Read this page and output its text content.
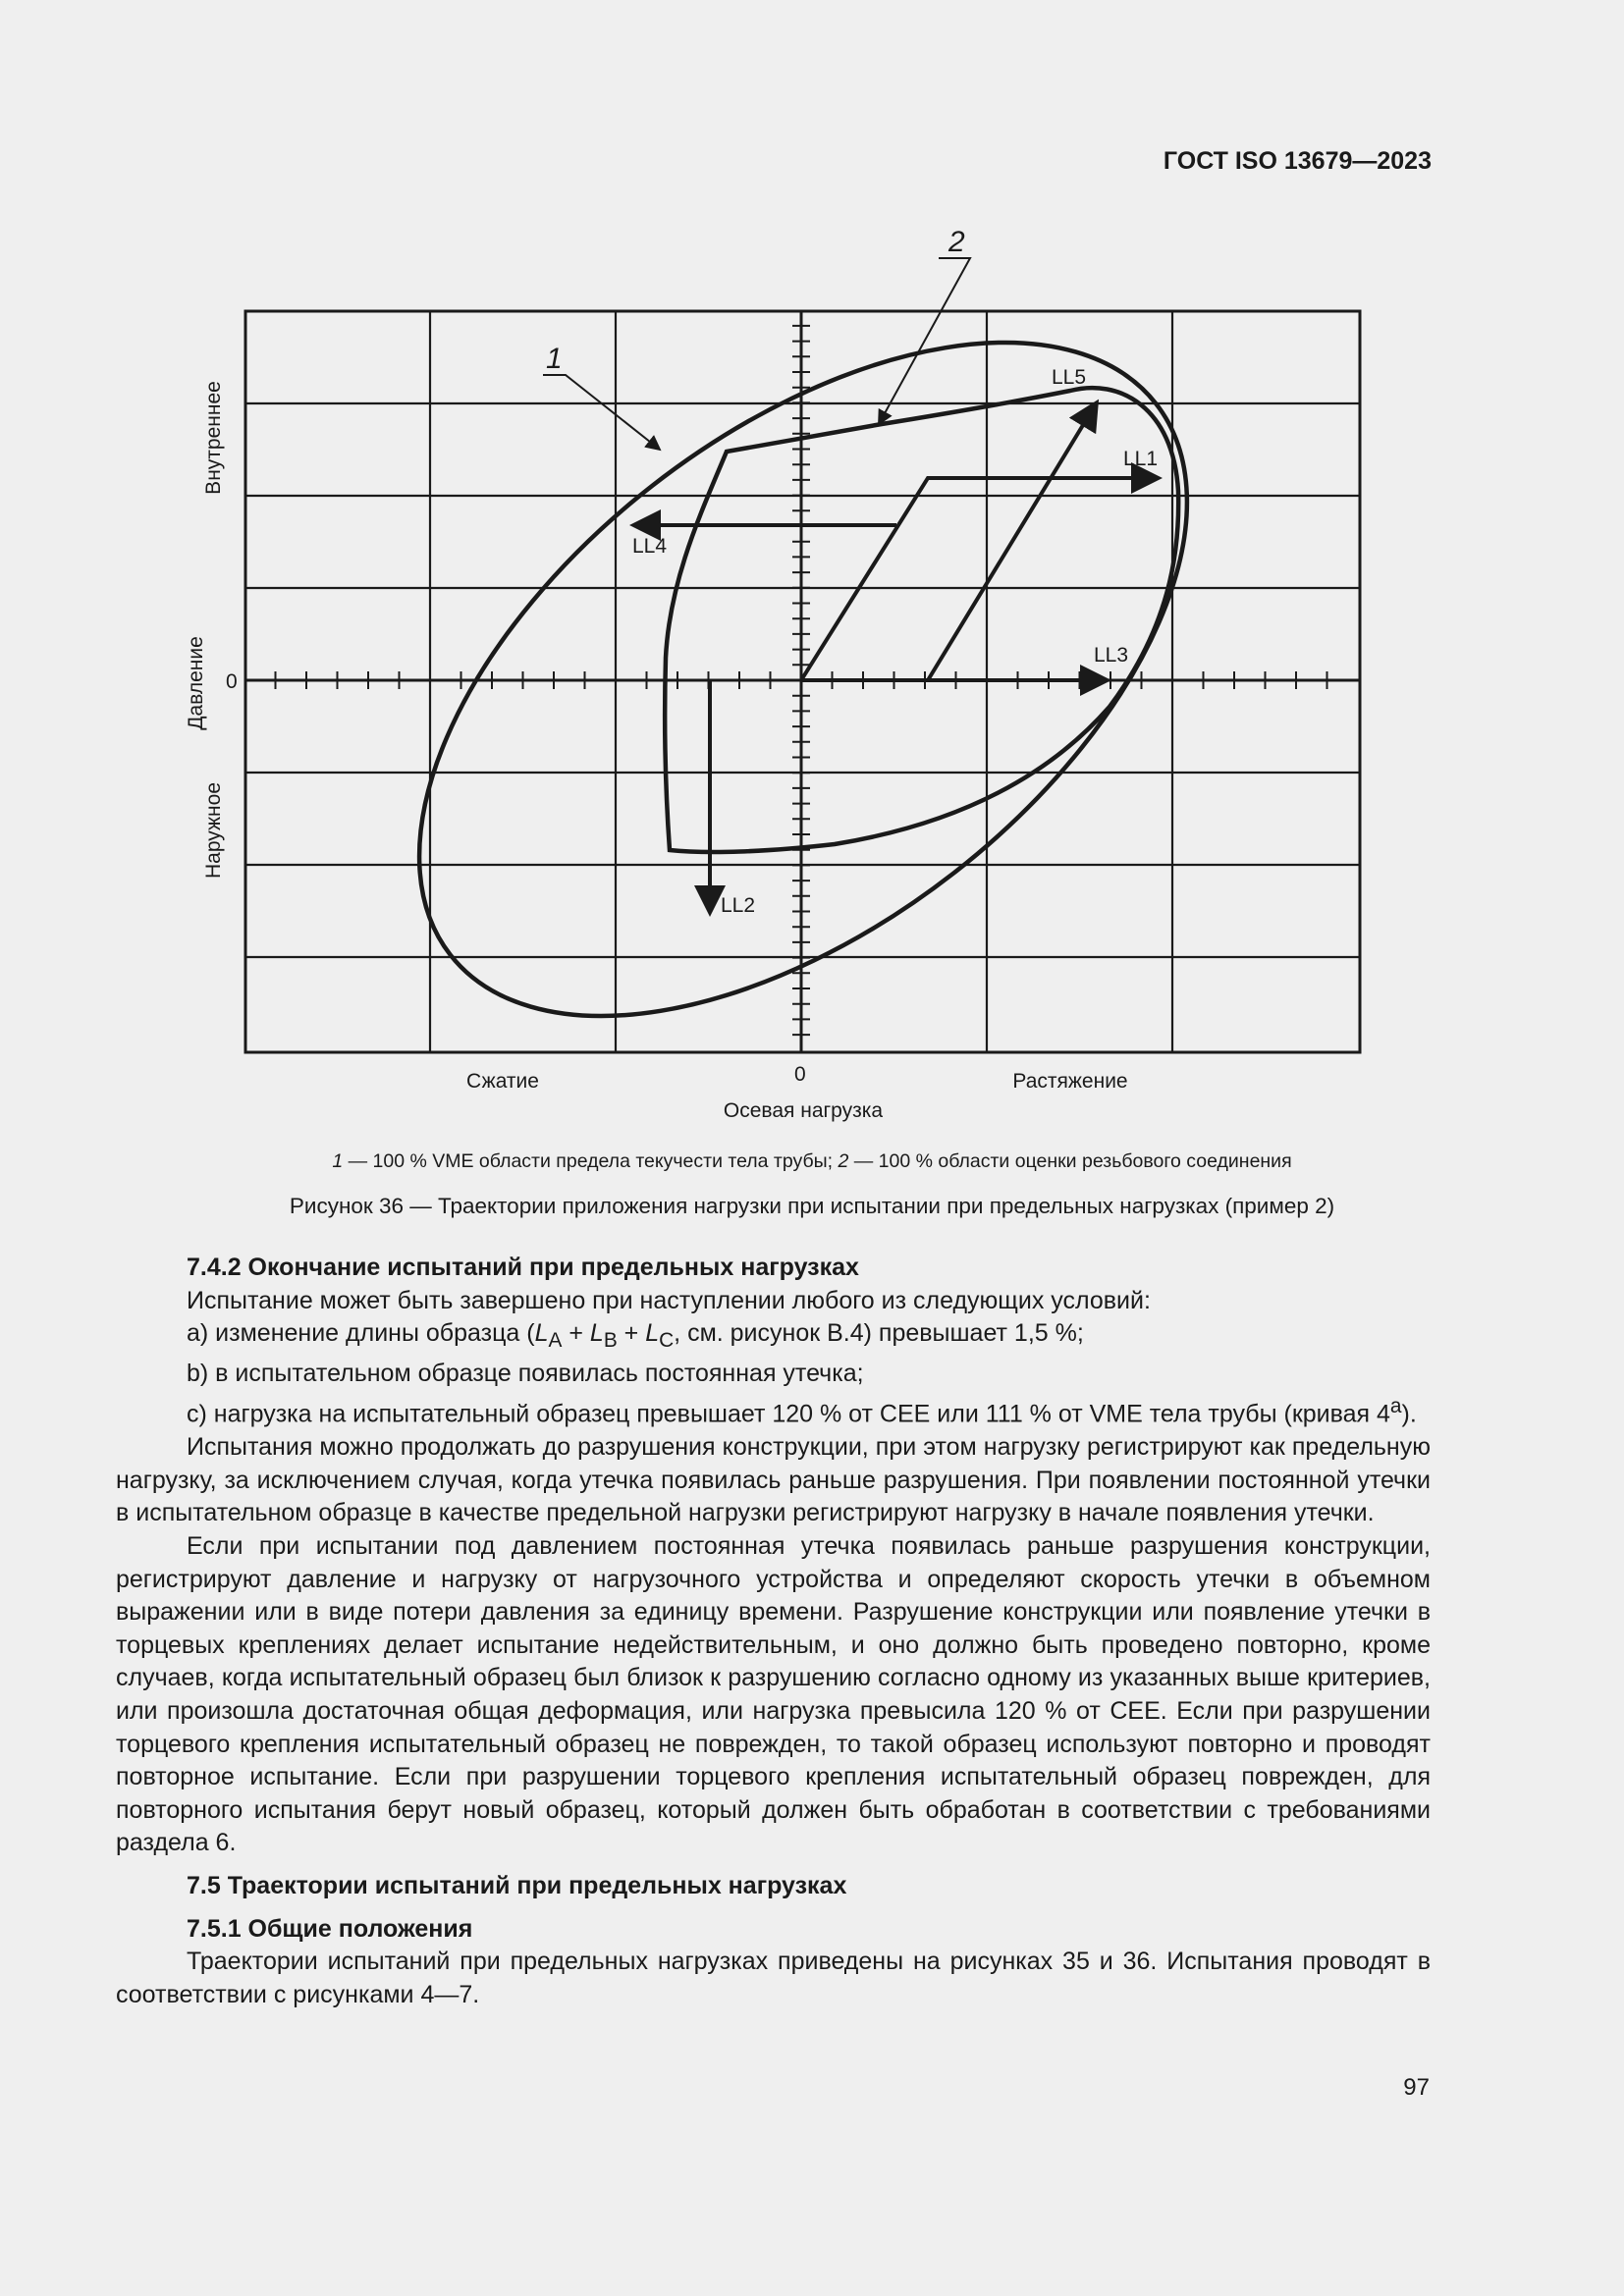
ГОСТ ISO 13679—2023
1
2
LL5
LL1
LL4
LL3
LL2
0
0
Сжатие	Растяжение
Осевая нагрузка
Внутреннее
Давление
Наружное
1 — 100 % VME области предела текучести тела трубы; 2 — 100 % области оценки резьбового соединения
Рисунок 36 — Траектории приложения нагрузки при испытании при предельных нагрузках (пример 2)

7.4.2 Окончание испытаний при предельных нагрузках

Испытание может быть завершено при наступлении любого из следующих условий:

a) изменение длины образца ($L_A + L_B + L_C$, см. рисунок B.4) превышает 1,5 %;

b) в испытательном образце появилась постоянная утечка;

c) нагрузка на испытательный образец превышает 120 % от CEE или 111 % от VME тела трубы (кривая 4$^a$).

Испытания можно продолжать до разрушения конструкции, при этом нагрузку регистрируют как предельную нагрузку, за исключением случая, когда утечка появилась раньше разрушения. При появлении постоянной утечки в испытательном образце в качестве предельной нагрузки регистрируют нагрузку в начале появления утечки.

Если при испытании под давлением постоянная утечка появилась раньше разрушения конструкции, регистрируют давление и нагрузку от нагрузочного устройства и определяют скорость утечки в объемном выражении или в виде потери давления за единицу времени. Разрушение конструкции или появление утечки в торцевых креплениях делает испытание недействительным, и оно должно быть проведено повторно, кроме случаев, когда испытательный образец был близок к разрушению согласно одному из указанных выше критериев, или произошла достаточная общая деформация, или нагрузка превысила 120 % от CEE. Если при разрушении торцевого крепления испытательный образец не поврежден, то такой образец используют повторно и проводят повторное испытание. Если при разрушении торцевого крепления испытательный образец поврежден, для повторного испытания берут новый образец, который должен быть обработан в соответствии с требованиями раздела 6.

7.5 Траектории испытаний при предельных нагрузках

7.5.1 Общие положения

Траектории испытаний при предельных нагрузках приведены на рисунках 35 и 36. Испытания проводят в соответствии с рисунками 4—7.

97
